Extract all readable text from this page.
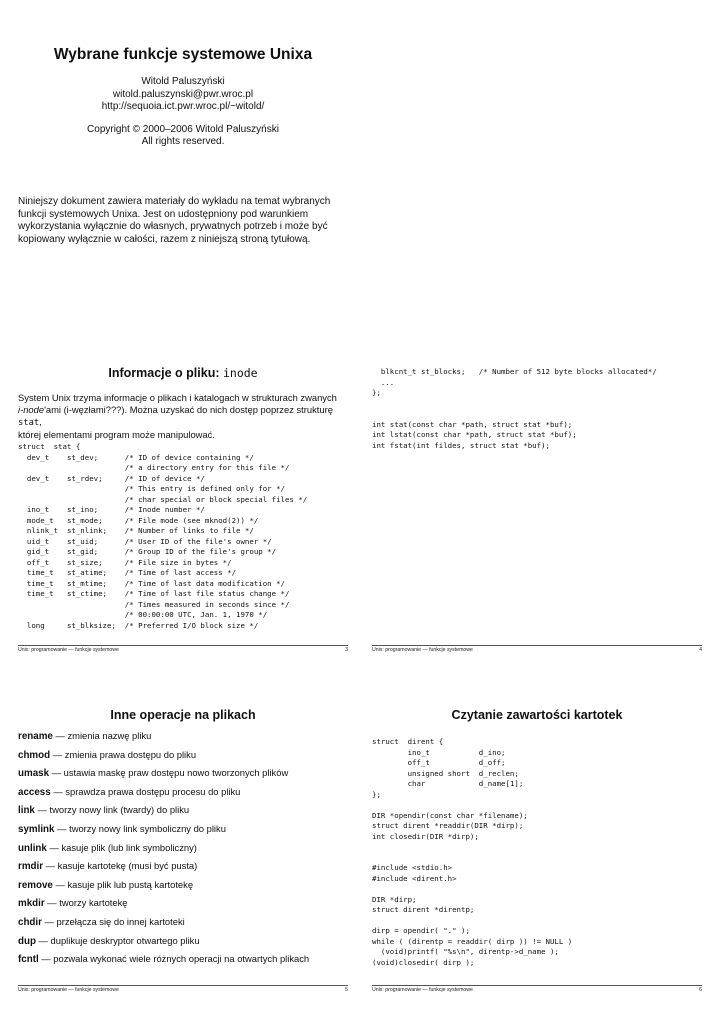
Wybrane funkcje systemowe Unixa
Witold Paluszyński
witold.paluszynski@pwr.wroc.pl
http://sequoia.ict.pwr.wroc.pl/~witold/
Copyright © 2000–2006 Witold Paluszyński
All rights reserved.
Niniejszy dokument zawiera materiały do wykładu na temat wybranych funkcji systemowych Unixa. Jest on udostępniony pod warunkiem wykorzystania wyłącznie do własnych, prywatnych potrzeb i może być kopiowany wyłącznie w całości, razem z niniejszą stroną tytułową.
Informacje o pliku: inode
System Unix trzyma informacje o plikach i katalogach w strukturach zwanych
i-node'ami (i-węzłami???). Można uzyskać do nich dostęp poprzez strukturę stat,
której elementami program może manipulować.
struct  stat {
dev_t    st_dev;      /* ID of device containing */
/* a directory entry for this file */
dev_t    st_rdev;     /* ID of device */
/* This entry is defined only for */
/* char special or block special files */
ino_t    st_ino;      /* Inode number */
mode_t   st_mode;     /* File mode (see mknod(2)) */
nlink_t  st_nlink;    /* Number of links to file */
uid_t    st_uid;      /* User ID of the file's owner */
gid_t    st_gid;      /* Group ID of the file's group */
off_t    st_size;     /* File size in bytes */
time_t   st_atime;    /* Time of last access */
time_t   st_mtime;    /* Time of last data modification */
time_t   st_ctime;    /* Time of last file status change */
/* Times measured in seconds since */
/* 00:00:00 UTC, Jan. 1, 1970 */
long     st_blksize;  /* Preferred I/O block size */
Unix: programowanie — funkcje systemowe	3
blkcnt_t st_blocks;   /* Number of 512 byte blocks allocated*/
...
};

int stat(const char *path, struct stat *buf);
int lstat(const char *path, struct stat *buf);
int fstat(int fildes, struct stat *buf);
Unix: programowanie — funkcje systemowe	4
Inne operacje na plikach
rename — zmienia nazwę pliku
chmod — zmienia prawa dostępu do pliku
umask — ustawia maskę praw dostępu nowo tworzonych plików
access — sprawdza prawa dostępu procesu do pliku
link — tworzy nowy link (twardy) do pliku
symlink — tworzy nowy link symboliczny do pliku
unlink — kasuje plik (lub link symboliczny)
rmdir — kasuje kartotekę (musi być pusta)
remove — kasuje plik lub pustą kartotekę
mkdir — tworzy kartotekę
chdir — przełącza się do innej kartoteki
dup — duplikuje deskryptor otwartego pliku
fcntl — pozwala wykonać wiele różnych operacji na otwartych plikach
Unix: programowanie — funkcje systemowe	5
Czytanie zawartości kartotek
struct  dirent {
ino_t           d_ino;
off_t           d_off;
unsigned short  d_reclen;
char            d_name[1];
};

DIR *opendir(const char *filename);
struct dirent *readdir(DIR *dirp);
int closedir(DIR *dirp);

#include <stdio.h>
#include <dirent.h>

DIR *dirp;
struct dirent *direntp;

dirp = opendir( "." );
while ( (direntp = readdir( dirp )) != NULL )
(void)printf( "%s\n", direntp->d_name );
(void)closedir( dirp );
Unix: programowanie — funkcje systemowe	6
